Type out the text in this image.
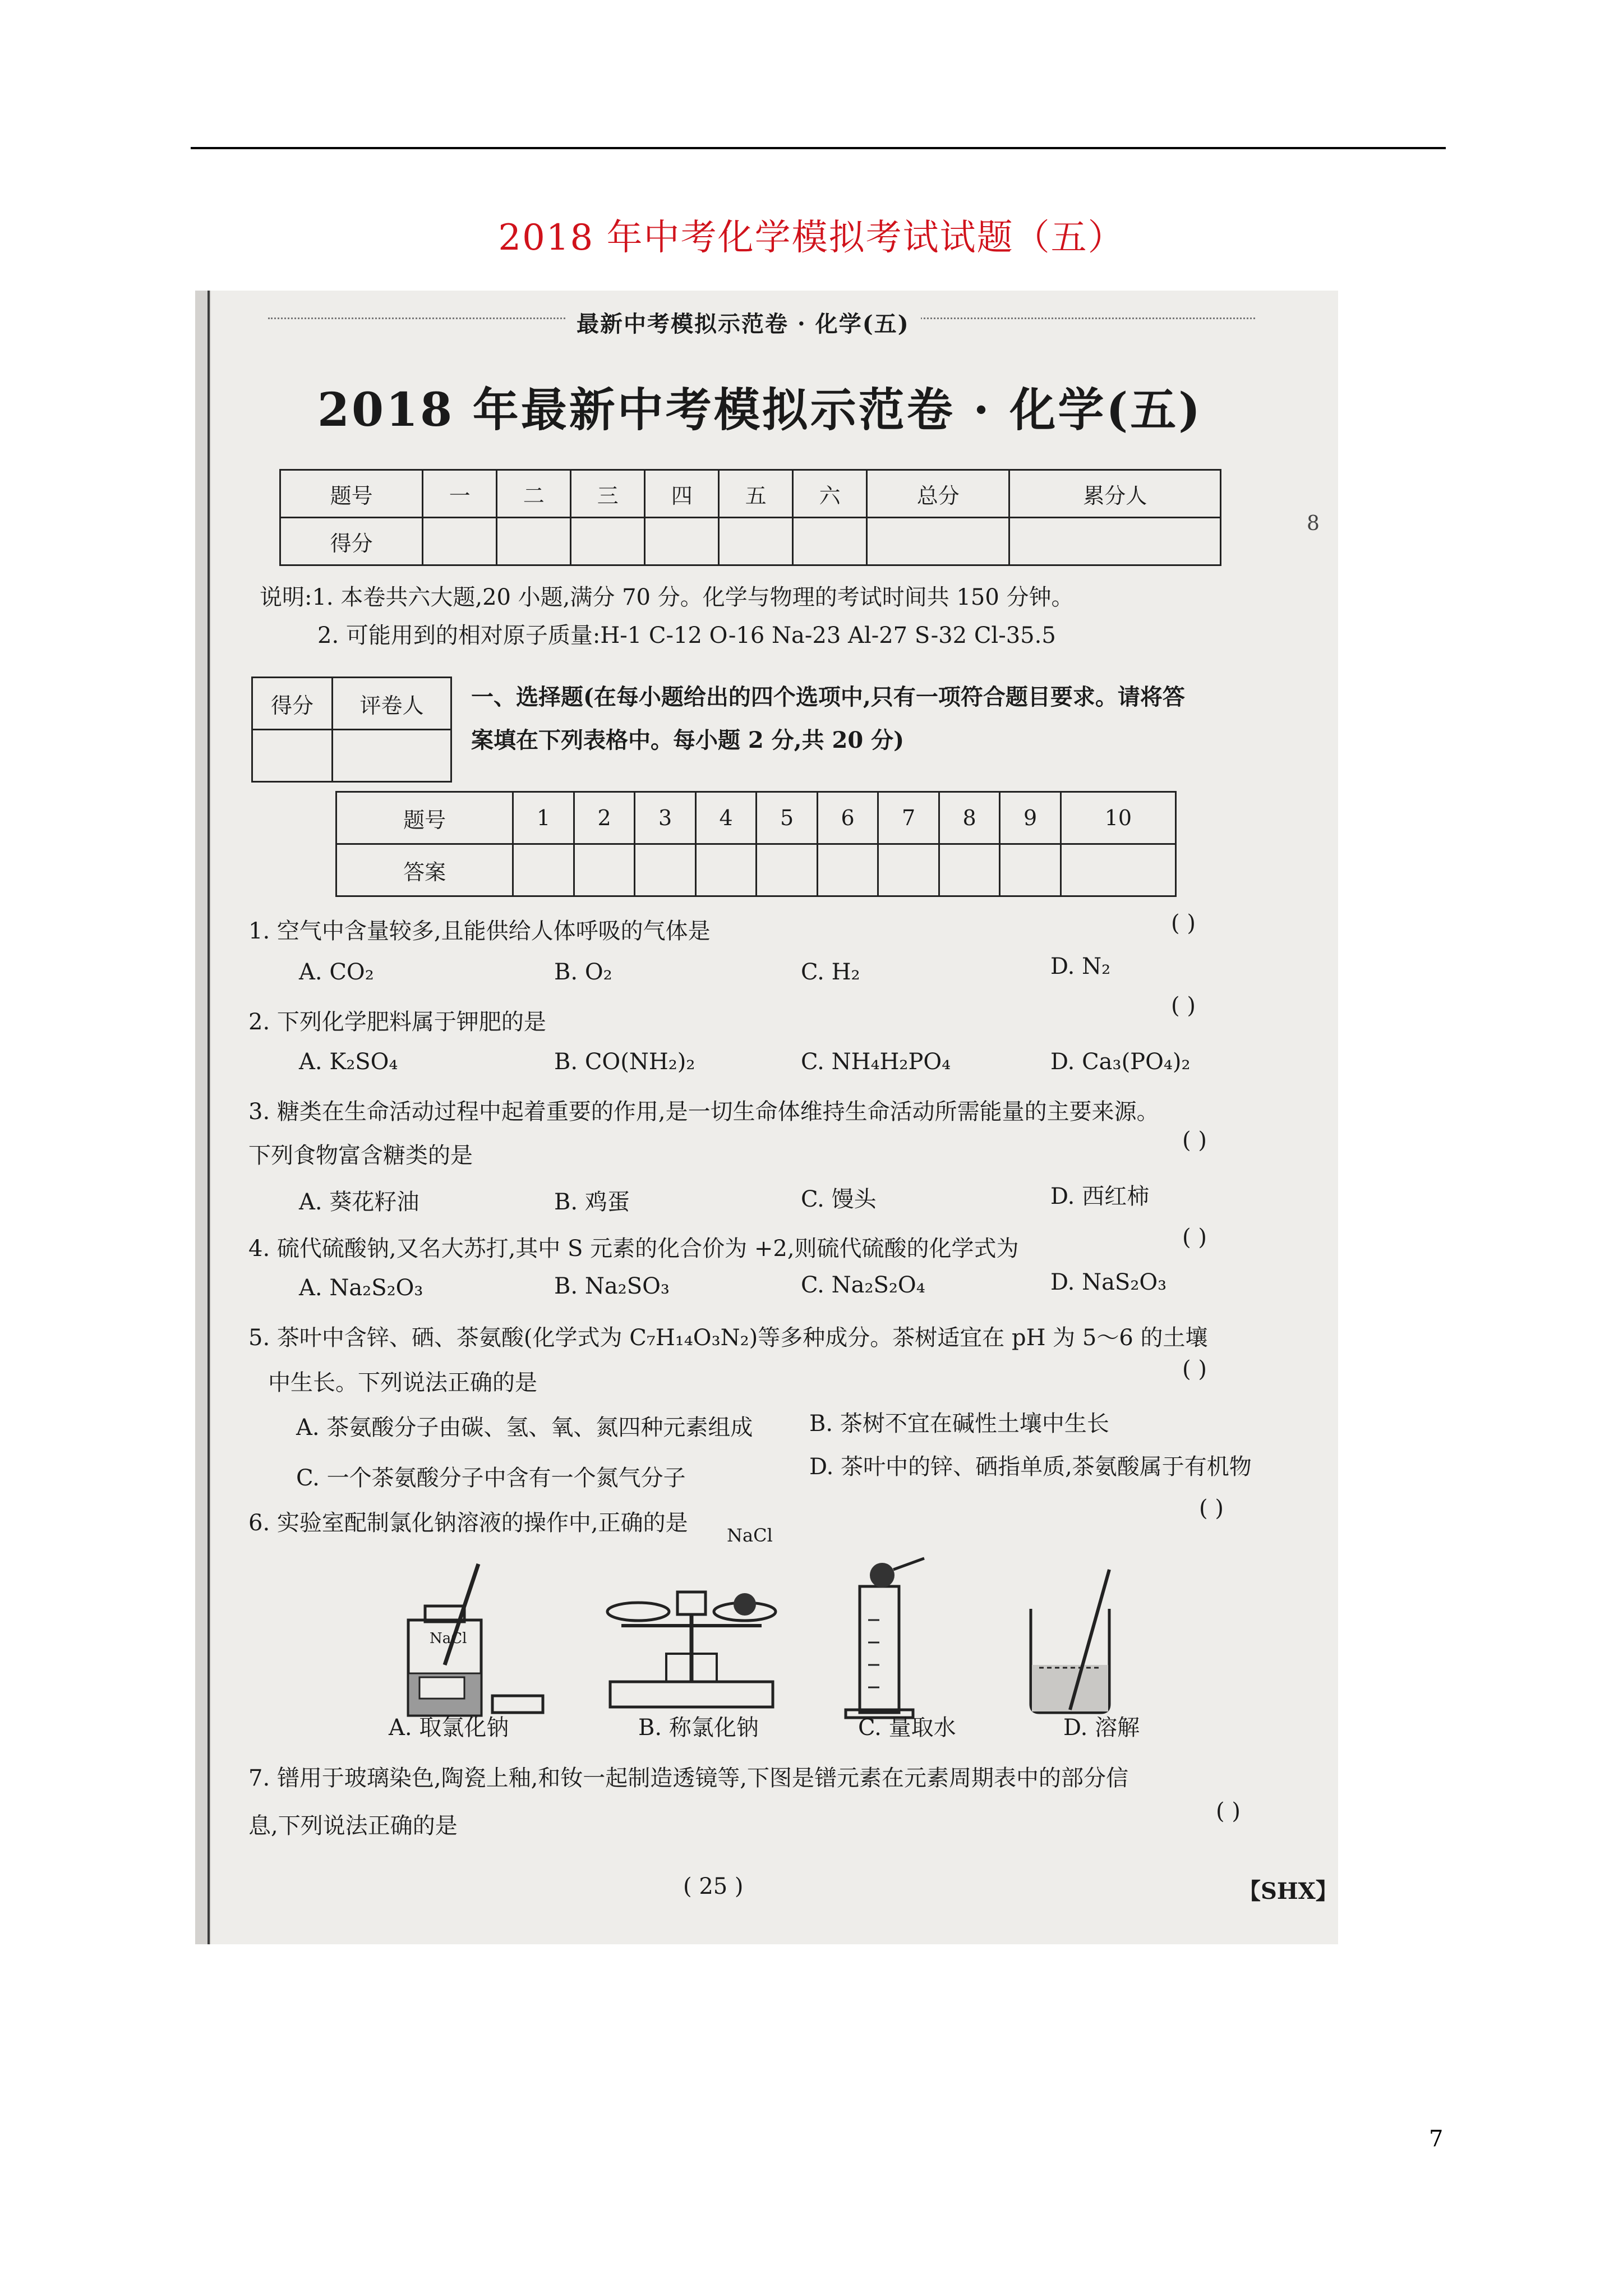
2018 年中考化学模拟考试试题（五）
8
最新中考模拟示范卷 · 化学(五)
2018 年最新中考模拟示范卷 · 化学(五)
题号	一	二	三	四	五	六	总分	累分人
得分								
说明:1. 本卷共六大题,20 小题,满分 70 分。化学与物理的考试时间共 150 分钟。
2. 可能用到的相对原子质量:H-1 C-12 O-16 Na-23 Al-27 S-32 Cl-35.5
得分	评卷人
	一、选择题(在每小题给出的四个选项中,只有一项符合题目要求。请将答
案填在下列表格中。每小题 2 分,共 20 分)
题号	1	2	3	4	5	6	7	8	9	10
答案										
1. 空气中含量较多,且能供给人体呼吸的气体是	( )
A. CO₂	B. O₂	C. H₂	D. N₂
2. 下列化学肥料属于钾肥的是
( )
A. K₂SO₄	B. CO(NH₂)₂	C. NH₄H₂PO₄	D. Ca₃(PO₄)₂
3. 糖类在生命活动过程中起着重要的作用,是一切生命体维持生命活动所需能量的主要来源。
下列食物富含糖类的是
( )
A. 葵花籽油	B. 鸡蛋	C. 馒头	D. 西红柿
4. 硫代硫酸钠,又名大苏打,其中 S 元素的化合价为 +2,则硫代硫酸的化学式为	( )
A. Na₂S₂O₃	B. Na₂SO₃	C. Na₂S₂O₄	D. NaS₂O₃
5. 茶叶中含锌、硒、茶氨酸(化学式为 C₇H₁₄O₃N₂)等多种成分。茶树适宜在 pH 为 5～6 的土壤
中生长。下列说法正确的是
( )
A. 茶氨酸分子由碳、氢、氧、氮四种元素组成	B. 茶树不宜在碱性土壤中生长
C. 一个茶氨酸分子中含有一个氮气分子	D. 茶叶中的锌、硒指单质,茶氨酸属于有机物
6. 实验室配制氯化钠溶液的操作中,正确的是
( )
NaCl
NaCl
A. 取氯化钠	B. 称氯化钠	C. 量取水	D. 溶解
7. 镨用于玻璃染色,陶瓷上釉,和钕一起制造透镜等,下图是镨元素在元素周期表中的部分信
( )
息,下列说法正确的是
( 25 )	【SHX】
7
